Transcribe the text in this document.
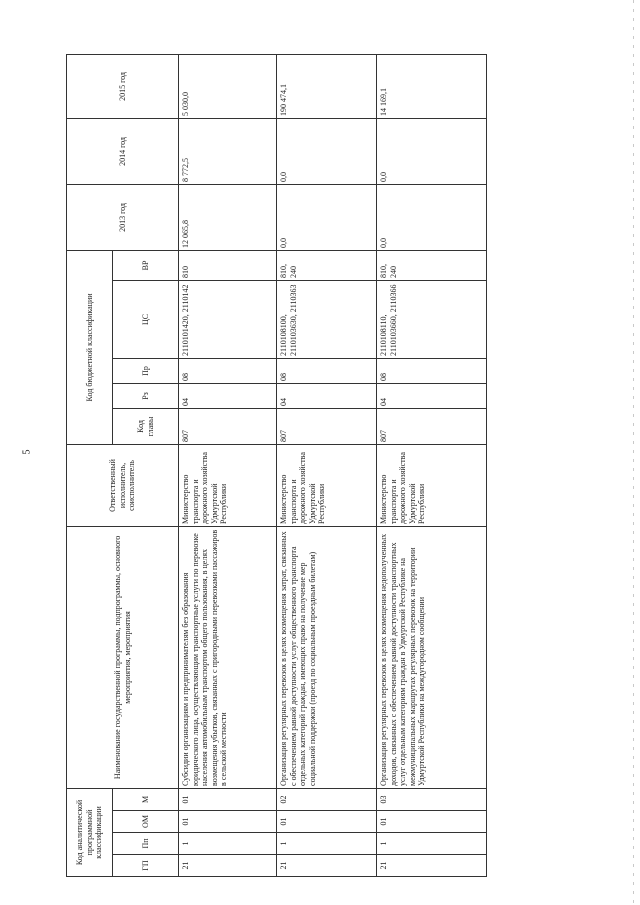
5
Код аналитической программной классификации				Наименование государственной программы, подпрограммы, основного мероприятия, мероприятия	Ответственный исполнитель, соисполнитель	Код бюджетной классификации					2013 год	2014 год	2015 год
ГП	Пп	ОМ	М			Код главы	Рз	Пр	ЦС	ВР			
21	1	01	01	Субсидии организациям и предпринимателям без образования юридического лица, осуществляющим транспортные услуги по перевозке населения автомобильным транспортом общего пользования, в целях возмещения убытков, связанных с пригородными перевозками пассажиров в сельской местности	Министерство транспорта и дорожного хозяйства Удмуртской Республики	807	04	08	2110101420, 2110142	810	12 065,8	8 772,5	5 030,0
21	1	01	02	Организация регулярных перевозок в целях возмещения затрат, связанных с обеспечением равной доступности услуг общественного транспорта отдельных категорий граждан, имеющих право на получение мер социальной поддержки (проезд по социальным проездным билетам)	Министерство транспорта и дорожного хозяйства Удмуртской Республики	807	04	08	2110108100, 2110103630, 2110363	810, 240	0,0	0,0	190 474,1
21	1	01	03	Организация регулярных перевозок в целях возмещения недополученных доходов, связанных с обеспечением равной доступности транспортных услуг отдельным категориям граждан в Удмуртской Республике на межмуниципальных маршрутах регулярных перевозок на территории Удмуртской Республики на междугородном сообщении	Министерство транспорта и дорожного хозяйства Удмуртской Республики	807	04	08	2110108110, 2110103660, 2110366	810, 240	0,0	0,0	14 169,1
